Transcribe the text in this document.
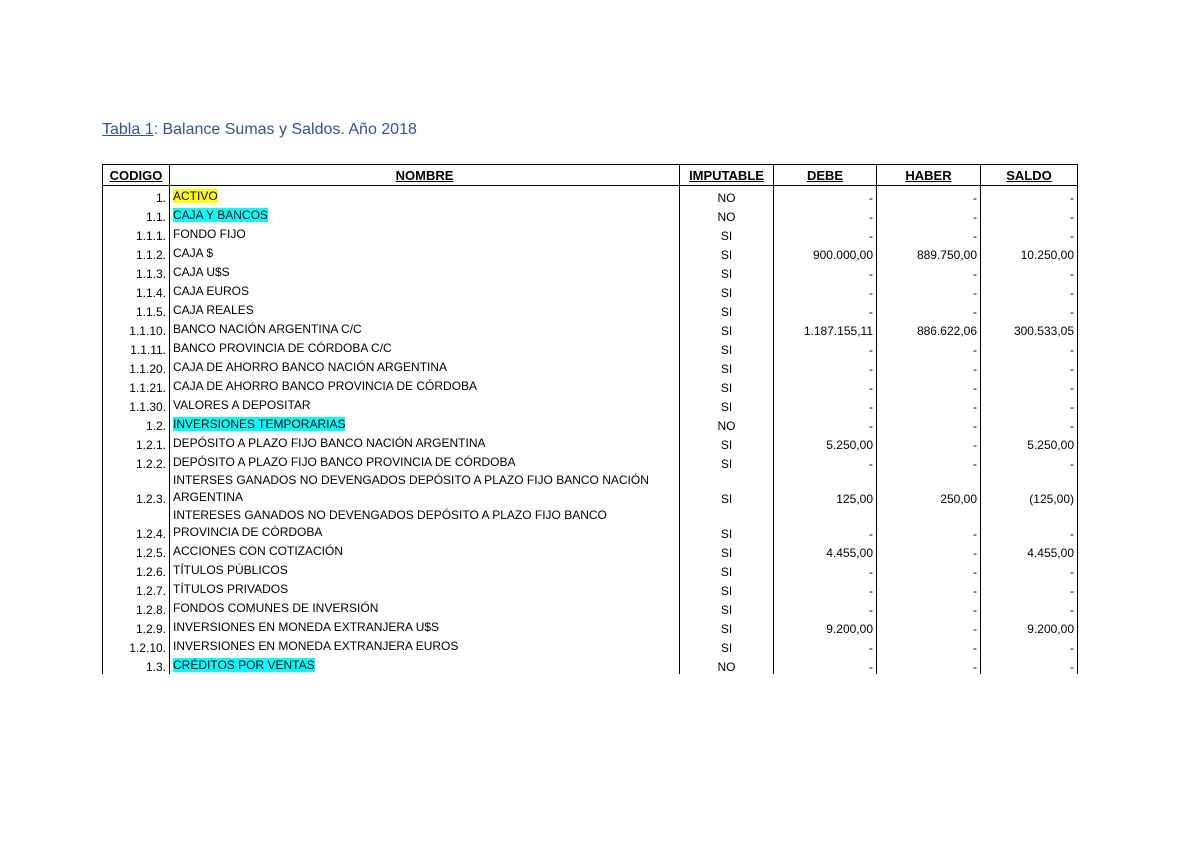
Tabla 1: Balance Sumas y Saldos. Año 2018
CODIGO	NOMBRE	IMPUTABLE	DEBE	HABER	SALDO
1.	ACTIVO	NO	-	-	-
1.1.	CAJA Y BANCOS	NO	-	-	-
1.1.1.	FONDO FIJO	SI	-	-	-
1.1.2.	CAJA $	SI	900.000,00	889.750,00	10.250,00
1.1.3.	CAJA U$S	SI	-	-	-
1.1.4.	CAJA EUROS	SI	-	-	-
1.1.5.	CAJA REALES	SI	-	-	-
1.1.10.	BANCO NACIÓN ARGENTINA C/C	SI	1.187.155,11	886.622,06	300.533,05
1.1.11.	BANCO PROVINCIA DE CÓRDOBA C/C	SI	-	-	-
1.1.20.	CAJA DE AHORRO BANCO NACIÓN ARGENTINA	SI	-	-	-
1.1.21.	CAJA DE AHORRO BANCO PROVINCIA DE CÓRDOBA	SI	-	-	-
1.1.30.	VALORES A DEPOSITAR	SI	-	-	-
1.2.	INVERSIONES TEMPORARIAS	NO	-	-	-
1.2.1.	DEPÓSITO A PLAZO FIJO BANCO NACIÓN ARGENTINA	SI	5.250,00	-	5.250,00
1.2.2.	DEPÓSITO A PLAZO FIJO BANCO PROVINCIA DE CÓRDOBA	SI	-	-	-
1.2.3.	INTERSES GANADOS NO DEVENGADOS DEPÓSITO A PLAZO FIJO BANCO NACIÓN ARGENTINA	SI	125,00	250,00	(125,00)
1.2.4.	INTERESES GANADOS NO DEVENGADOS DEPÓSITO A PLAZO FIJO BANCO PROVINCIA DE CÓRDOBA	SI	-	-	-
1.2.5.	ACCIONES CON COTIZACIÓN	SI	4.455,00	-	4.455,00
1.2.6.	TÍTULOS PÚBLICOS	SI	-	-	-
1.2.7.	TÍTULOS PRIVADOS	SI	-	-	-
1.2.8.	FONDOS COMUNES DE INVERSIÓN	SI	-	-	-
1.2.9.	INVERSIONES EN MONEDA EXTRANJERA U$S	SI	9.200,00	-	9.200,00
1.2.10.	INVERSIONES EN MONEDA EXTRANJERA EUROS	SI	-	-	-
1.3.	CRÉDITOS POR VENTAS	NO	-	-	-
